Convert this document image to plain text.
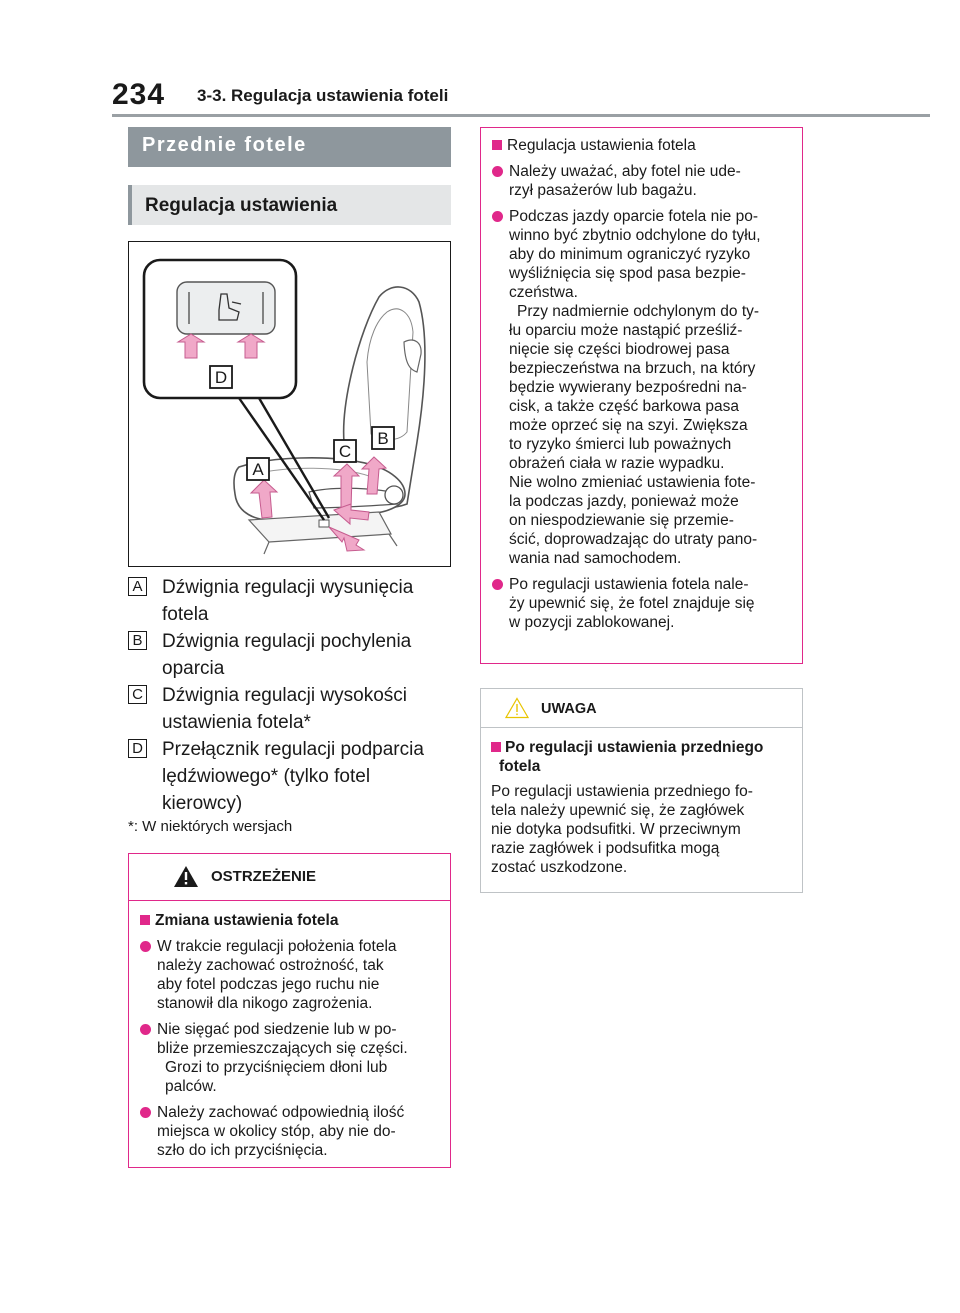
234 3-3. Regulacja ustawienia foteli
Przednie fotele
Regulacja ustawienia
D
A
C
B
A Dźwignia regulacji wysunięcia
fotela
B Dźwignia regulacji pochylenia
oparcia
C Dźwignia regulacji wysokości
ustawienia fotela*
D Przełącznik regulacji podparcia
lędźwiowego* (tylko fotel
kierowcy)
*: W niektórych wersjach
OSTRZEŻENIE
Zmiana ustawienia fotela
W trakcie regulacji położenia fotela
należy zachować ostrożność, tak
aby fotel podczas jego ruchu nie
stanowił dla nikogo zagrożenia.
Nie sięgać pod siedzenie lub w po-
bliże przemieszczających się części.
Grozi to przyciśnięciem dłoni lub
palców.
Należy zachować odpowiednią ilość
miejsca w okolicy stóp, aby nie do-
szło do ich przyciśnięcia.
Regulacja ustawienia fotela
Należy uważać, aby fotel nie ude-
rzył pasażerów lub bagażu.
Podczas jazdy oparcie fotela nie po-
winno być zbytnio odchylone do tyłu,
aby do minimum ograniczyć ryzyko
wyśliźnięcia się spod pasa bezpie-
czeństwa.
Przy nadmiernie odchylonym do ty-
łu oparciu może nastąpić prześliź-
nięcie się części biodrowej pasa
bezpieczeństwa na brzuch, na który
będzie wywierany bezpośredni na-
cisk, a także część barkowa pasa
może oprzeć się na szyi. Zwiększa
to ryzyko śmierci lub poważnych
obrażeń ciała w razie wypadku.
Nie wolno zmieniać ustawienia fote-
la podczas jazdy, ponieważ może
on niespodziewanie się przemie-
ścić, doprowadzając do utraty pano-
wania nad samochodem.
Po regulacji ustawienia fotela nale-
ży upewnić się, że fotel znajduje się
w pozycji zablokowanej.
UWAGA
Po regulacji ustawienia przedniego
fotela
Po regulacji ustawienia przedniego fo-
tela należy upewnić się, że zagłówek
nie dotyka podsufitki. W przeciwnym
razie zagłówek i podsufitka mogą
zostać uszkodzone.
